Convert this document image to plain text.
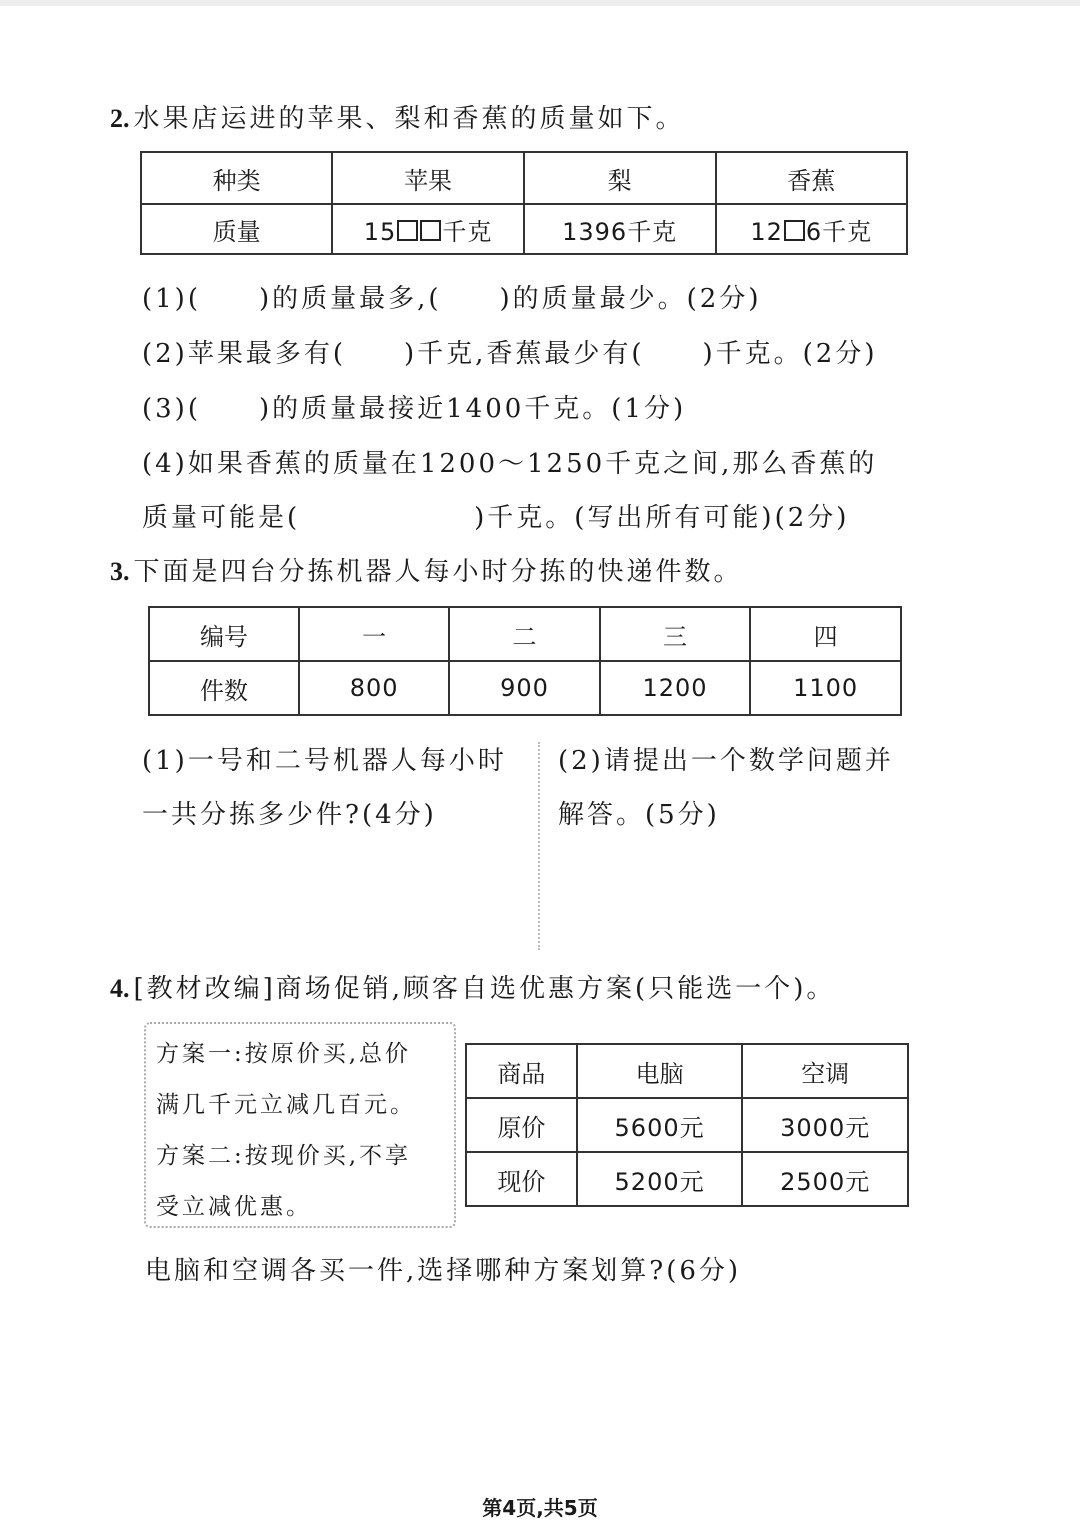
2. 水果店运进的苹果、梨和香蕉的质量如下。
种类	苹果	梨	香蕉
质量	15 千克	1396千克	12 6千克
(1)(　　)的质量最多,(　　)的质量最少。(2分)
(2)苹果最多有(　　)千克,香蕉最少有(　　)千克。(2分)
(3)(　　)的质量最接近1400千克。(1分)
(4)如果香蕉的质量在1200～1250千克之间,那么香蕉的
质量可能是(　　　　　　)千克。(写出所有可能)(2分)
3. 下面是四台分拣机器人每小时分拣的快递件数。
编号	一	二	三	四
件数	800	900	1200	1100
(1)一号和二号机器人每小时
一共分拣多少件?(4分)
(2)请提出一个数学问题并
解答。(5分)
4. [教材改编]商场促销,顾客自选优惠方案(只能选一个)。
方案一:按原价买,总价
满几千元立减几百元。
方案二:按现价买,不享
受立减优惠。
商品	电脑	空调
原价	5600元	3000元
现价	5200元	2500元
电脑和空调各买一件,选择哪种方案划算?(6分)
第4页,共5页
